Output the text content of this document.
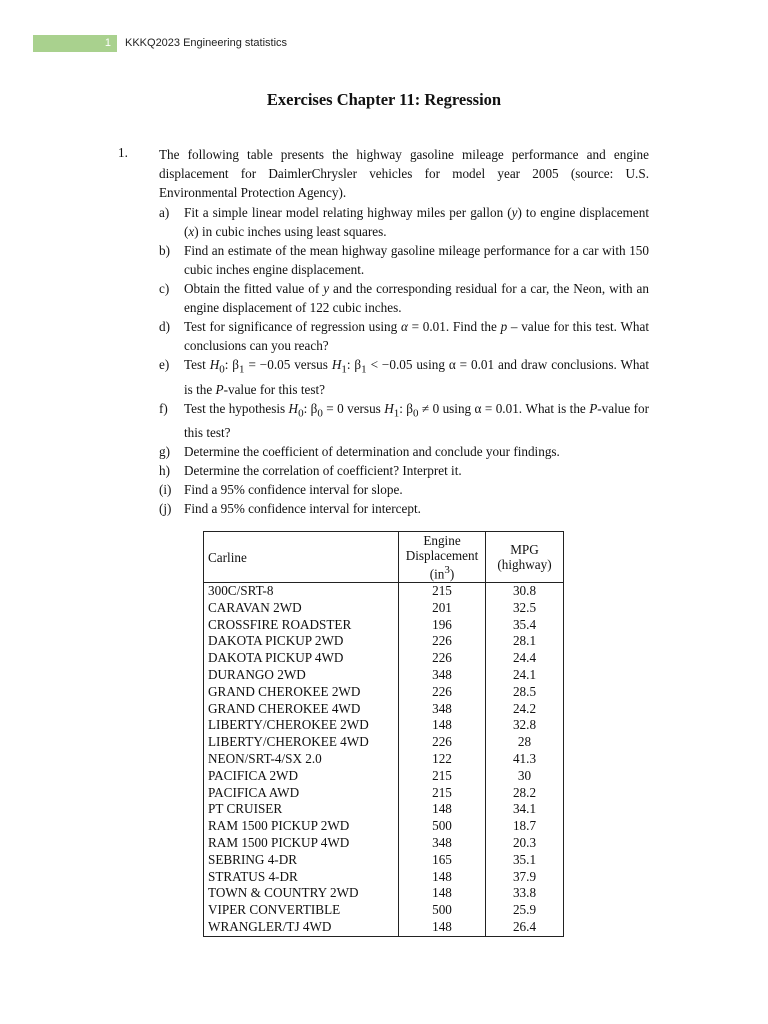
1	KKKQ2023 Engineering statistics
Exercises Chapter 11: Regression
1. The following table presents the highway gasoline mileage performance and engine displacement for DaimlerChrysler vehicles for model year 2005 (source: U.S. Environmental Protection Agency).
a)	Fit a simple linear model relating highway miles per gallon (y) to engine displacement (x) in cubic inches using least squares.
b)	Find an estimate of the mean highway gasoline mileage performance for a car with 150 cubic inches engine displacement.
c)	Obtain the fitted value of y and the corresponding residual for a car, the Neon, with an engine displacement of 122 cubic inches.
d)	Test for significance of regression using α = 0.01. Find the p – value for this test. What conclusions can you reach?
e)	Test $H_0$: $\beta_1 = -0.05$ versus $H_1$: $\beta_1 < -0.05$ using α = 0.01 and draw conclusions. What is the P-value for this test?
f)	Test the hypothesis $H_0$: $\beta_0 = 0$ versus $H_1$: $\beta_0 \ne 0$ using α = 0.01. What is the P-value for this test?
g)	Determine the coefficient of determination and conclude your findings.
h)	Determine the correlation of coefficient? Interpret it.
(i) Find a 95% confidence interval for slope.
(j) Find a 95% confidence interval for intercept.
Carline	Engine
Displacement
$(in^3)$	MPG
(highway)
300C/SRT-8	215	30.8
CARAVAN 2WD	201	32.5
CROSSFIRE ROADSTER	196	35.4
DAKOTA PICKUP 2WD	226	28.1
DAKOTA PICKUP 4WD	226	24.4
DURANGO 2WD	348	24.1
GRAND CHEROKEE 2WD	226	28.5
GRAND CHEROKEE 4WD	348	24.2
LIBERTY/CHEROKEE 2WD	148	32.8
LIBERTY/CHEROKEE 4WD	226	28
NEON/SRT-4/SX 2.0	122	41.3
PACIFICA 2WD	215	30
PACIFICA AWD	215	28.2
PT CRUISER	148	34.1
RAM 1500 PICKUP 2WD	500	18.7
RAM 1500 PICKUP 4WD	348	20.3
SEBRING 4-DR	165	35.1
STRATUS 4-DR	148	37.9
TOWN & COUNTRY 2WD	148	33.8
VIPER CONVERTIBLE	500	25.9
WRANGLER/TJ 4WD	148	26.4
